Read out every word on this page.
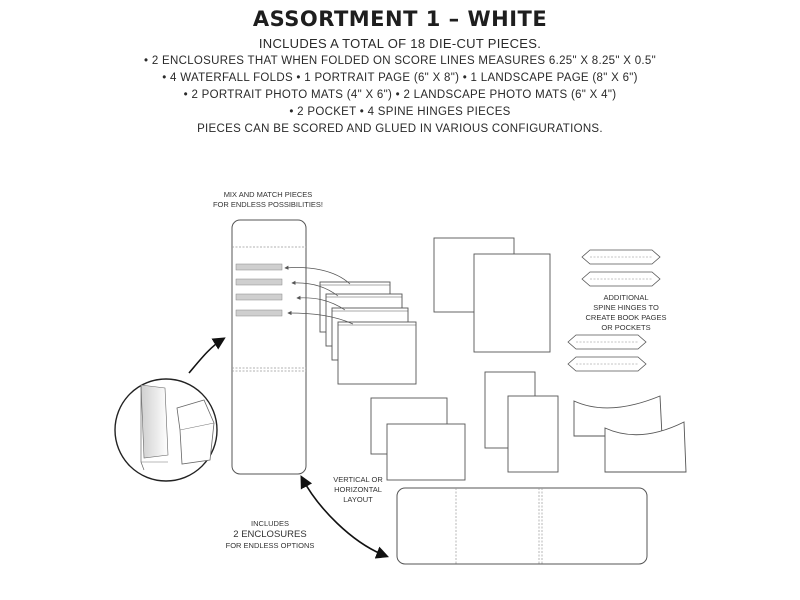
ASSORTMENT 1 – WHITE
INCLUDES A TOTAL OF 18 DIE-CUT PIECES.
• 2 ENCLOSURES THAT WHEN FOLDED ON SCORE LINES MEASURES 6.25" X 8.25" X 0.5"
• 4 WATERFALL FOLDS • 1 PORTRAIT PAGE (6" X 8") • 1 LANDSCAPE PAGE (8" X 6")
• 2 PORTRAIT PHOTO MATS (4" X 6") • 2 LANDSCAPE PHOTO MATS (6" X 4")
• 2 POCKET • 4 SPINE HINGES PIECES
PIECES CAN BE SCORED AND GLUED IN VARIOUS CONFIGURATIONS.
MIX AND MATCH PIECES
FOR ENDLESS POSSIBILITIES!
ADDITIONAL
SPINE HINGES TO
CREATE BOOK PAGES
OR POCKETS
VERTICAL OR
HORIZONTAL
LAYOUT
INCLUDES
2 ENCLOSURES
FOR ENDLESS OPTIONS
